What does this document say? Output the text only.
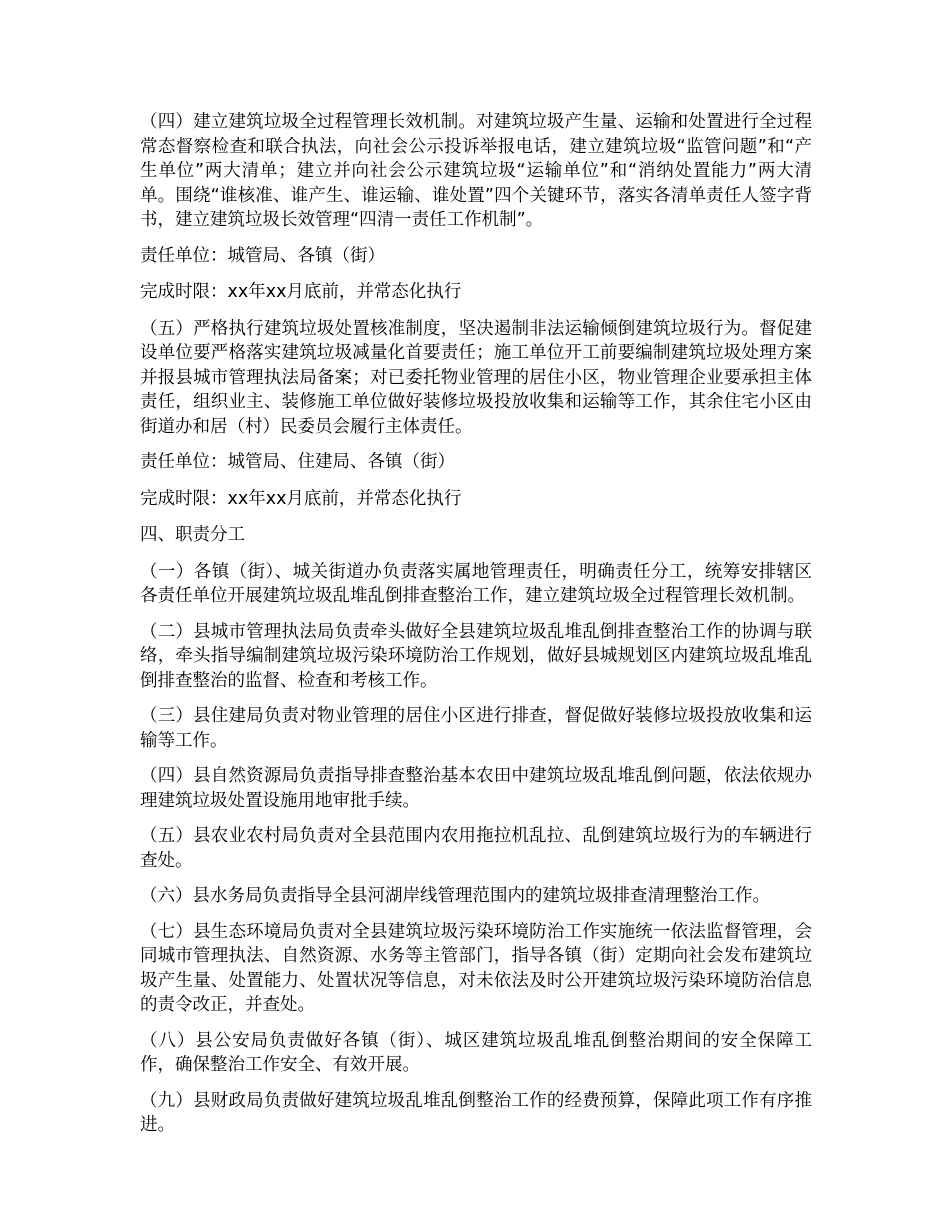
（四）建立建筑垃圾全过程管理长效机制。对建筑垃圾产生量、运输和处置进行全过程常态督察检查和联合执法，向社会公示投诉举报电话，建立建筑垃圾“监管问题”和“产生单位”两大清单；建立并向社会公示建筑垃圾“运输单位”和“消纳处置能力”两大清单。围绕“谁核准、谁产生、谁运输、谁处置”四个关键环节，落实各清单责任人签字背书，建立建筑垃圾长效管理“四清一责任工作机制”。

责任单位：城管局、各镇（街）

完成时限：xx年xx月底前，并常态化执行

（五）严格执行建筑垃圾处置核准制度，坚决遏制非法运输倾倒建筑垃圾行为。督促建设单位要严格落实建筑垃圾减量化首要责任；施工单位开工前要编制建筑垃圾处理方案并报县城市管理执法局备案；对已委托物业管理的居住小区，物业管理企业要承担主体责任，组织业主、装修施工单位做好装修垃圾投放收集和运输等工作，其余住宅小区由街道办和居（村）民委员会履行主体责任。

责任单位：城管局、住建局、各镇（街）

完成时限：xx年xx月底前，并常态化执行

四、职责分工

（一）各镇（街）、城关街道办负责落实属地管理责任，明确责任分工，统筹安排辖区各责任单位开展建筑垃圾乱堆乱倒排查整治工作，建立建筑垃圾全过程管理长效机制。

（二）县城市管理执法局负责牵头做好全县建筑垃圾乱堆乱倒排查整治工作的协调与联络，牵头指导编制建筑垃圾污染环境防治工作规划，做好县城规划区内建筑垃圾乱堆乱倒排查整治的监督、检查和考核工作。

（三）县住建局负责对物业管理的居住小区进行排查，督促做好装修垃圾投放收集和运输等工作。

（四）县自然资源局负责指导排查整治基本农田中建筑垃圾乱堆乱倒问题，依法依规办理建筑垃圾处置设施用地审批手续。

（五）县农业农村局负责对全县范围内农用拖拉机乱拉、乱倒建筑垃圾行为的车辆进行查处。

（六）县水务局负责指导全县河湖岸线管理范围内的建筑垃圾排查清理整治工作。

（七）县生态环境局负责对全县建筑垃圾污染环境防治工作实施统一依法监督管理，会同城市管理执法、自然资源、水务等主管部门，指导各镇（街）定期向社会发布建筑垃圾产生量、处置能力、处置状况等信息，对未依法及时公开建筑垃圾污染环境防治信息的责令改正，并查处。

（八）县公安局负责做好各镇（街）、城区建筑垃圾乱堆乱倒整治期间的安全保障工作，确保整治工作安全、有效开展。

（九）县财政局负责做好建筑垃圾乱堆乱倒整治工作的经费预算，保障此项工作有序推进。
